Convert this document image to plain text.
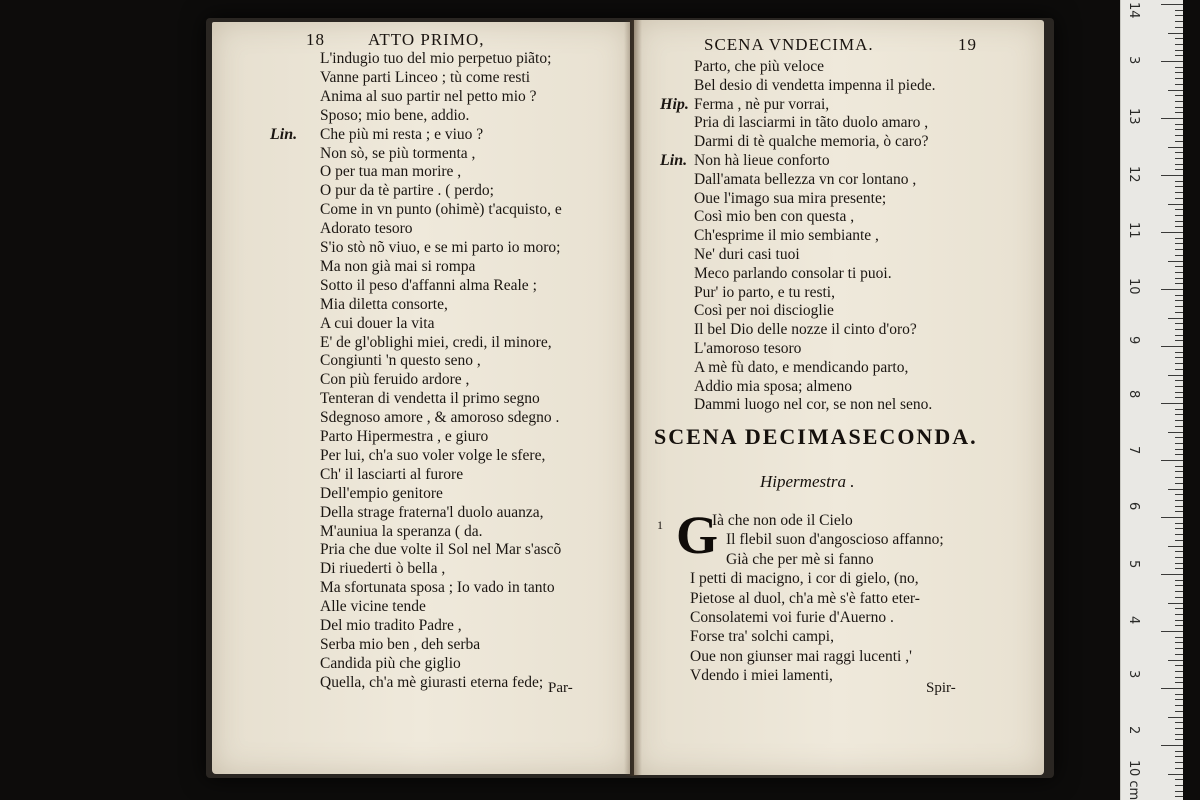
18	ATTO PRIMO,
L'indugio tuo del mio perpetuo piãto;
Vanne parti Linceo ; tù come resti
Anima al suo partir nel petto mio ?
Sposo; mio bene, addio.
Lin. Che più mi resta ; e viuo ?
Non sò, se più tormenta ,
O per tua man morire ,
O pur da tè partire . ( perdo;
Come in vn punto (ohimè) t'acquisto, e
Adorato tesoro
S'io stò nõ viuo, e se mi parto io moro;
Ma non già mai si rompa
Sotto il peso d'affanni alma Reale ;
Mia diletta consorte,
A cui douer la vita
E' de gl'oblighi miei, credi, il minore,
Congiunti 'n questo seno ,
Con più feruido ardore ,
Tenteran di vendetta il primo segno
Sdegnoso amore , & amoroso sdegno .
Parto Hipermestra , e giuro
Per lui, ch'a suo voler volge le sfere,
Ch' il lasciarti al furore
Dell'empio genitore
Della strage fraterna'l duolo auanza,
M'auniua la speranza ( da.
Pria che due volte il Sol nel Mar s'ascõ
Di riuederti ò bella ,
Ma sfortunata sposa ; Io vado in tanto
Alle vicine tende
Del mio tradito Padre ,
Serba mio ben , deh serba
Candida più che giglio
Quella, ch'a mè giurasti eterna fede; Par-
SCENA VNDECIMA.	19
Parto, che più veloce
Bel desio di vendetta impenna il piede.
Hip. Ferma , nè pur vorrai,
Pria di lasciarmi in tãto duolo amaro ,
Darmi di tè qualche memoria, ò caro?
Lin. Non hà lieue conforto
Dall'amata bellezza vn cor lontano ,
Oue l'imago sua mira presente;
Così mio ben con questa ,
Ch'esprime il mio sembiante ,
Ne' duri casi tuoi
Meco parlando consolar ti puoi.
Pur' io parto, e tu resti,
Così per noi discioglie
Il bel Dio delle nozze il cinto d'oro?
L'amoroso tesoro
A mè fù dato, e mendicando parto,
Addio mia sposa; almeno
Dammi luogo nel cor, se non nel seno.
SCENA DECIMASECONDA.
Hipermestra .
1 G
Ià che non ode il Cielo
Il flebil suon d'angoscioso affanno;
Già che per mè si fanno
I petti di macigno, i cor di gielo, (no,
Pietose al duol, ch'a mè s'è fatto eter-
Consolatemi voi furie d'Auerno .
Forse tra' solchi campi,
Oue non giunser mai raggi lucenti ,'
Vdendo i miei lamenti,
Spir-
14
3
13
12
11
10
9
8
7
6
5
4
3
2
1
0 cm
